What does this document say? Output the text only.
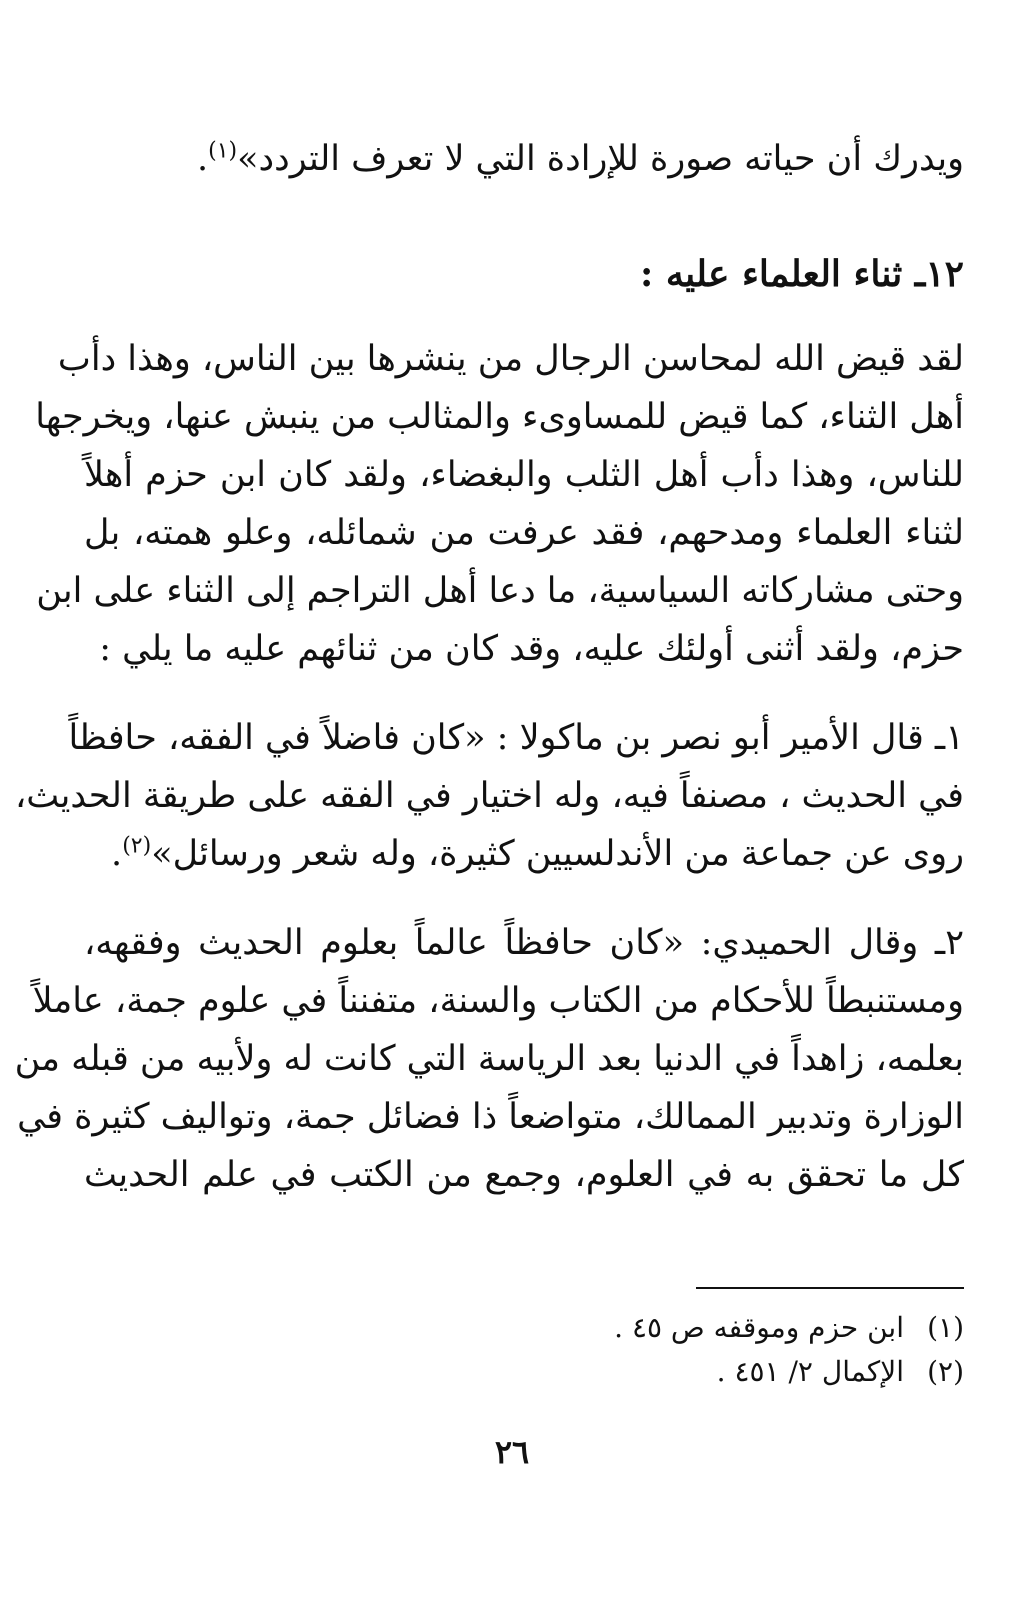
ويدرك أن حياته صورة للإرادة التي لا تعرف التردد»$^{(١)}$.
١٢ـ ثناء العلماء عليه :
لقد قيض الله لمحاسن الرجال من ينشرها بين الناس، وهذا دأب
أهل الثناء، كما قيض للمساوىء والمثالب من ينبش عنها، ويخرجها
للناس، وهذا دأب أهل الثلب والبغضاء، ولقد كان ابن حزم أهلاً
لثناء العلماء ومدحهم، فقد عرفت من شمائله، وعلو همته، بل
وحتى مشاركاته السياسية، ما دعا أهل التراجم إلى الثناء على ابن
حزم، ولقد أثنى أولئك عليه، وقد كان من ثنائهم عليه ما يلي :
١ـ قال الأمير أبو نصر بن ماكولا : «كان فاضلاً في الفقه، حافظاً
في الحديث ، مصنفاً فيه، وله اختيار في الفقه على طريقة الحديث،
روى عن جماعة من الأندلسيين كثيرة، وله شعر ورسائل»$^{(٢)}$.
٢ـ وقال الحميدي: «كان حافظاً عالماً بعلوم الحديث وفقهه،
ومستنبطاً للأحكام من الكتاب والسنة، متفنناً في علوم جمة، عاملاً
بعلمه، زاهداً في الدنيا بعد الرياسة التي كانت له ولأبيه من قبله من
الوزارة وتدبير الممالك، متواضعاً ذا فضائل جمة، وتواليف كثيرة في
كل ما تحقق به في العلوم، وجمع من الكتب في علم الحديث
(١)ابن حزم وموقفه ص ٤٥ .
(٢)الإكمال ٢/ ٤٥١ .
٢٦
